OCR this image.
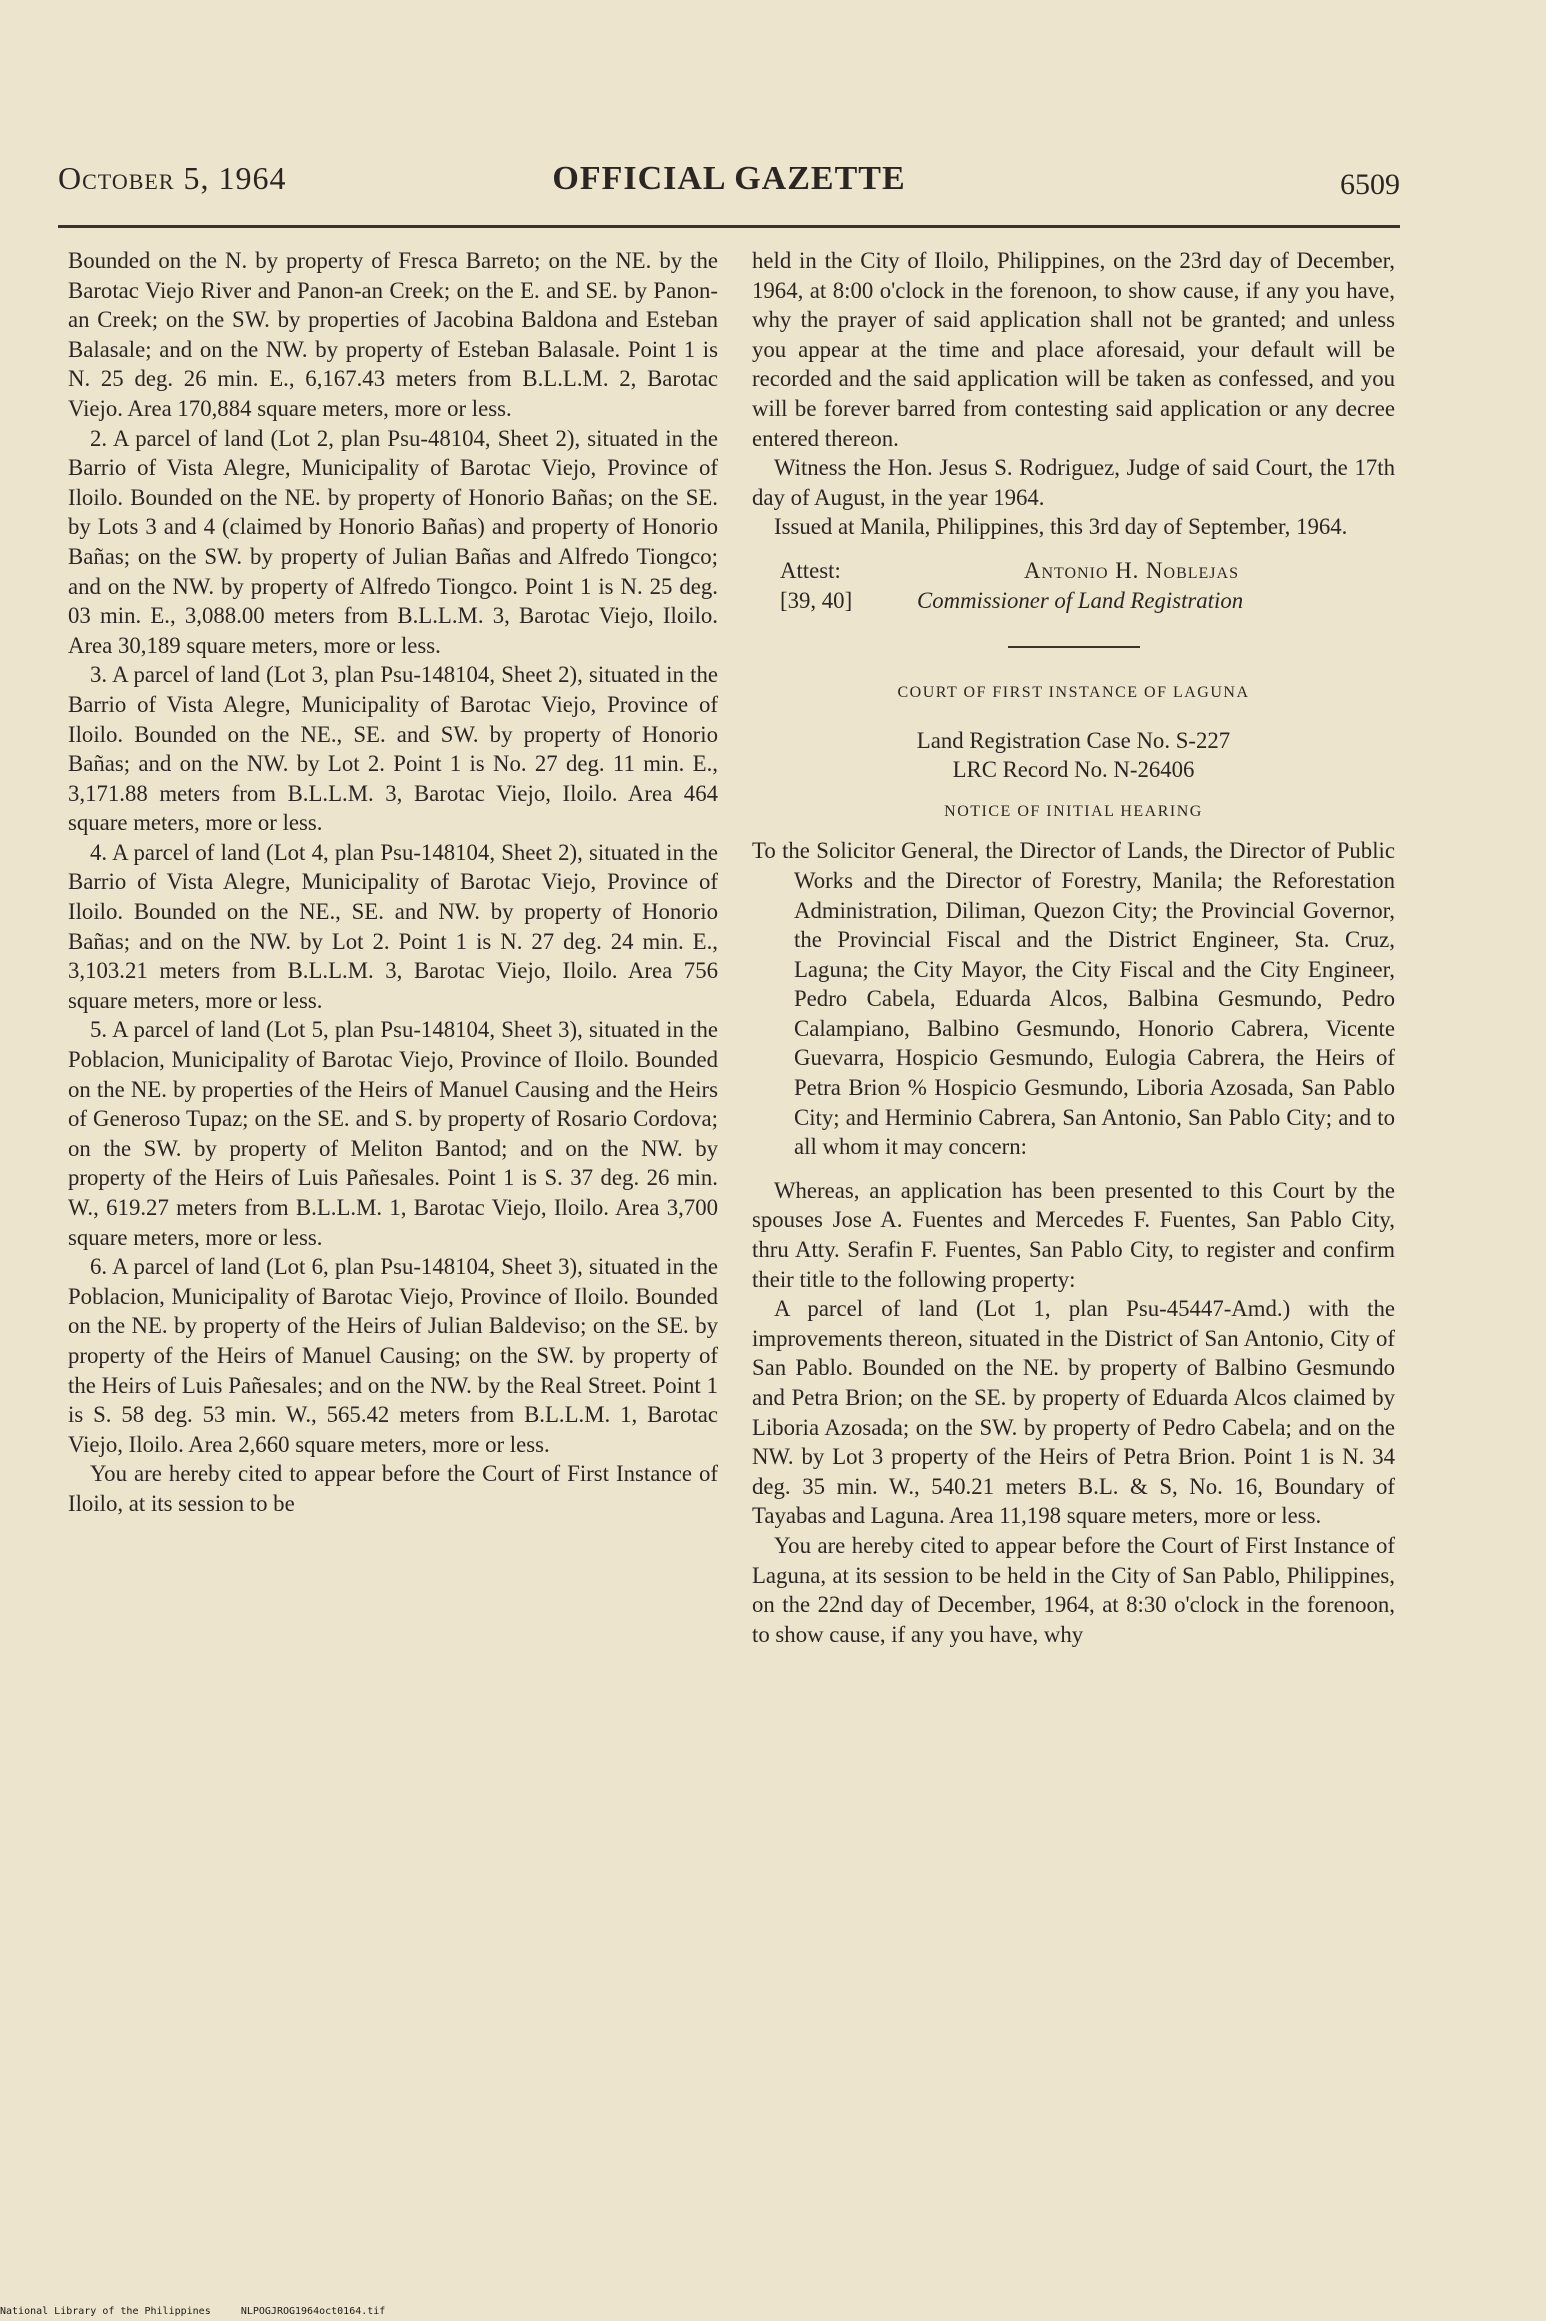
October 5, 1964	OFFICIAL GAZETTE	6509

Bounded on the N. by property of Fresca Barreto; on the NE. by the Barotac Viejo River and Panon-an Creek; on the E. and SE. by Panon-an Creek; on the SW. by properties of Jacobina Baldona and Esteban Balasale; and on the NW. by property of Esteban Balasale. Point 1 is N. 25 deg. 26 min. E., 6,167.43 meters from B.L.L.M. 2, Barotac Viejo. Area 170,884 square meters, more or less.

2. A parcel of land (Lot 2, plan Psu-48104, Sheet 2), situated in the Barrio of Vista Alegre, Municipality of Barotac Viejo, Province of Iloilo. Bounded on the NE. by property of Honorio Bañas; on the SE. by Lots 3 and 4 (claimed by Honorio Bañas) and property of Honorio Bañas; on the SW. by property of Julian Bañas and Alfredo Tiongco; and on the NW. by property of Alfredo Tiongco. Point 1 is N. 25 deg. 03 min. E., 3,088.00 meters from B.L.L.M. 3, Barotac Viejo, Iloilo. Area 30,189 square meters, more or less.

3. A parcel of land (Lot 3, plan Psu-148104, Sheet 2), situated in the Barrio of Vista Alegre, Municipality of Barotac Viejo, Province of Iloilo. Bounded on the NE., SE. and SW. by property of Honorio Bañas; and on the NW. by Lot 2. Point 1 is No. 27 deg. 11 min. E., 3,171.88 meters from B.L.L.M. 3, Barotac Viejo, Iloilo. Area 464 square meters, more or less.

4. A parcel of land (Lot 4, plan Psu-148104, Sheet 2), situated in the Barrio of Vista Alegre, Municipality of Barotac Viejo, Province of Iloilo. Bounded on the NE., SE. and NW. by property of Honorio Bañas; and on the NW. by Lot 2. Point 1 is N. 27 deg. 24 min. E., 3,103.21 meters from B.L.L.M. 3, Barotac Viejo, Iloilo. Area 756 square meters, more or less.

5. A parcel of land (Lot 5, plan Psu-148104, Sheet 3), situated in the Poblacion, Municipality of Barotac Viejo, Province of Iloilo. Bounded on the NE. by properties of the Heirs of Manuel Causing and the Heirs of Generoso Tupaz; on the SE. and S. by property of Rosario Cordova; on the SW. by property of Meliton Bantod; and on the NW. by property of the Heirs of Luis Pañesales. Point 1 is S. 37 deg. 26 min. W., 619.27 meters from B.L.L.M. 1, Barotac Viejo, Iloilo. Area 3,700 square meters, more or less.

6. A parcel of land (Lot 6, plan Psu-148104, Sheet 3), situated in the Poblacion, Municipality of Barotac Viejo, Province of Iloilo. Bounded on the NE. by property of the Heirs of Julian Baldeviso; on the SE. by property of the Heirs of Manuel Causing; on the SW. by property of the Heirs of Luis Pañesales; and on the NW. by the Real Street. Point 1 is S. 58 deg. 53 min. W., 565.42 meters from B.L.L.M. 1, Barotac Viejo, Iloilo. Area 2,660 square meters, more or less.

You are hereby cited to appear before the Court of First Instance of Iloilo, at its session to be

held in the City of Iloilo, Philippines, on the 23rd day of December, 1964, at 8:00 o'clock in the forenoon, to show cause, if any you have, why the prayer of said application shall not be granted; and unless you appear at the time and place aforesaid, your default will be recorded and the said application will be taken as confessed, and you will be forever barred from contesting said application or any decree entered thereon.

Witness the Hon. Jesus S. Rodriguez, Judge of said Court, the 17th day of August, in the year 1964.

Issued at Manila, Philippines, this 3rd day of September, 1964.

Attest:	Antonio H. Noblejas
[39, 40]	Commissioner of Land Registration
COURT OF FIRST INSTANCE OF LAGUNA
Land Registration Case No. S-227
LRC Record No. N-26406
NOTICE OF INITIAL HEARING

To the Solicitor General, the Director of Lands, the Director of Public Works and the Director of Forestry, Manila; the Reforestation Administration, Diliman, Quezon City; the Provincial Governor, the Provincial Fiscal and the District Engineer, Sta. Cruz, Laguna; the City Mayor, the City Fiscal and the City Engineer, Pedro Cabela, Eduarda Alcos, Balbina Gesmundo, Pedro Calampiano, Balbino Gesmundo, Honorio Cabrera, Vicente Guevarra, Hospicio Gesmundo, Eulogia Cabrera, the Heirs of Petra Brion % Hospicio Gesmundo, Liboria Azosada, San Pablo City; and Herminio Cabrera, San Antonio, San Pablo City; and to all whom it may concern:

Whereas, an application has been presented to this Court by the spouses Jose A. Fuentes and Mercedes F. Fuentes, San Pablo City, thru Atty. Serafin F. Fuentes, San Pablo City, to register and confirm their title to the following property:

A parcel of land (Lot 1, plan Psu-45447-Amd.) with the improvements thereon, situated in the District of San Antonio, City of San Pablo. Bounded on the NE. by property of Balbino Gesmundo and Petra Brion; on the SE. by property of Eduarda Alcos claimed by Liboria Azosada; on the SW. by property of Pedro Cabela; and on the NW. by Lot 3 property of the Heirs of Petra Brion. Point 1 is N. 34 deg. 35 min. W., 540.21 meters B.L. & S, No. 16, Boundary of Tayabas and Laguna. Area 11,198 square meters, more or less.

You are hereby cited to appear before the Court of First Instance of Laguna, at its session to be held in the City of San Pablo, Philippines, on the 22nd day of December, 1964, at 8:30 o'clock in the forenoon, to show cause, if any you have, why

National Library of the Philippines     NLPOGJROG1964oct0164.tif
